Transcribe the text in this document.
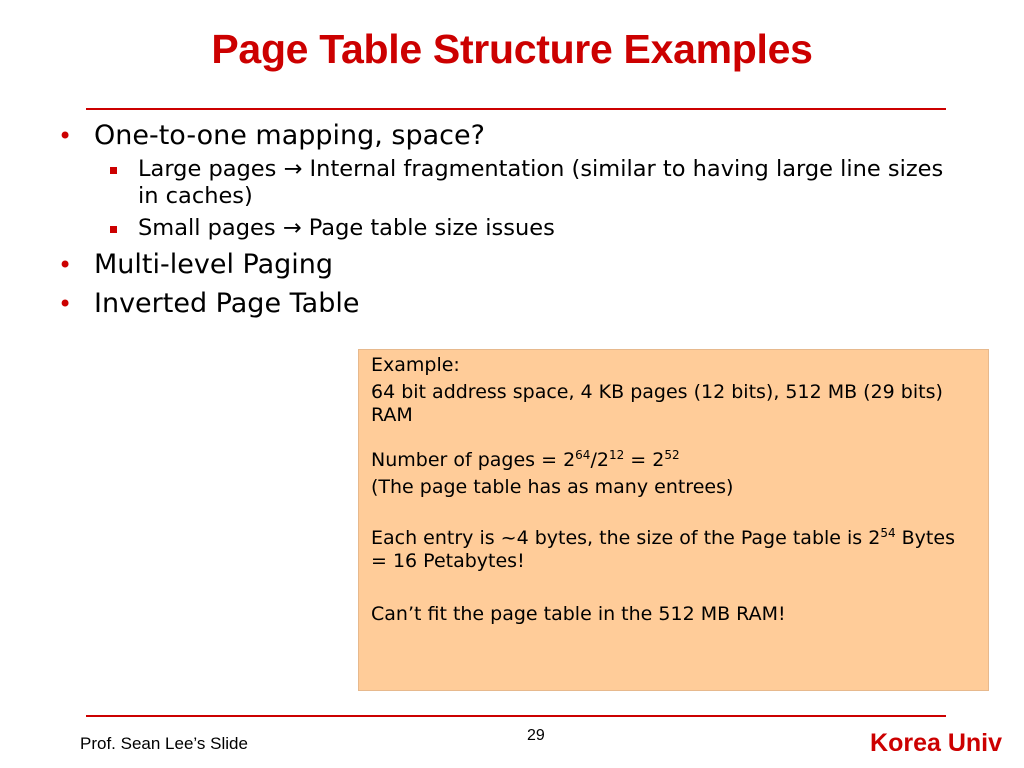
Page Table Structure Examples
• One-to-one mapping, space?
Large pages → Internal fragmentation (similar to having large line sizes in caches)
Small pages → Page table size issues
• Multi-level Paging
• Inverted Page Table

Example:

64 bit address space, 4 KB pages (12 bits), 512 MB (29 bits) RAM

Number of pages = $2^{64}/2^{12} = 2^{52}$

(The page table has as many entrees)

Each entry is ~4 bytes, the size of the Page table is $2^{54}$ Bytes = 16 Petabytes!

Can’t fit the page table in the 512 MB RAM!

Prof. Sean Lee’s Slide	29	Korea Univ
